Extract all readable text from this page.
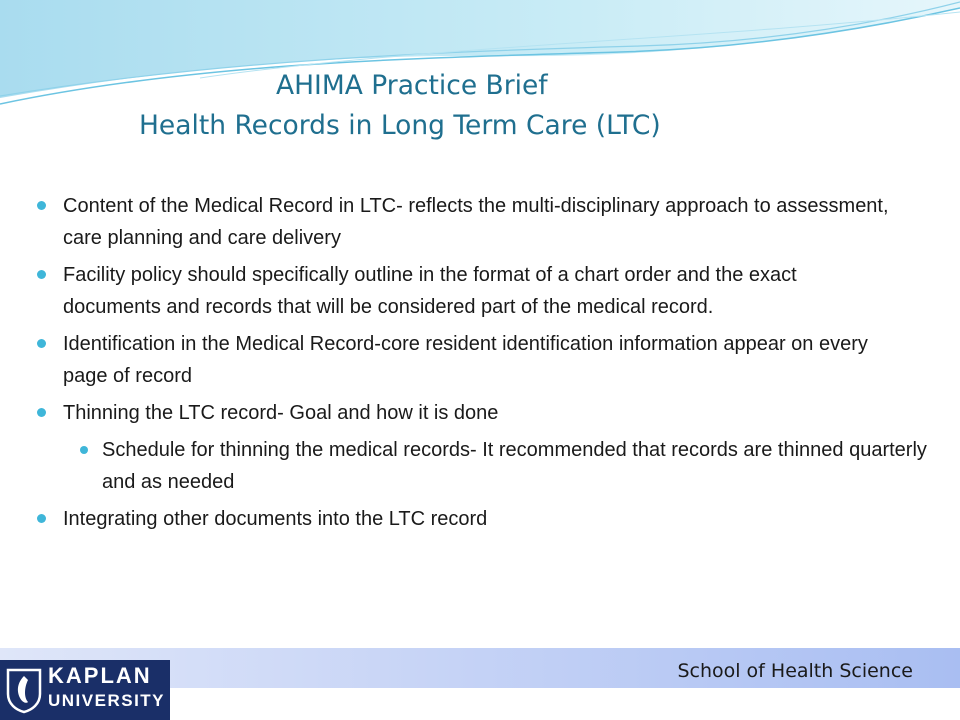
AHIMA Practice Brief
Health Records in Long Term Care (LTC)
Content of the Medical Record in LTC- reflects the multi-disciplinary approach to assessment, care planning and care delivery
Facility policy should specifically outline in the format of a chart order and the exact documents and records that will be considered part of the medical record.
Identification in the Medical Record-core resident identification information appear on every page of record
Thinning the LTC record- Goal and how it is done
Schedule for thinning the medical records- It recommended that records are thinned quarterly and as needed
Integrating other documents into the LTC record
School of Health Science
KAPLAN
UNIVERSITY
